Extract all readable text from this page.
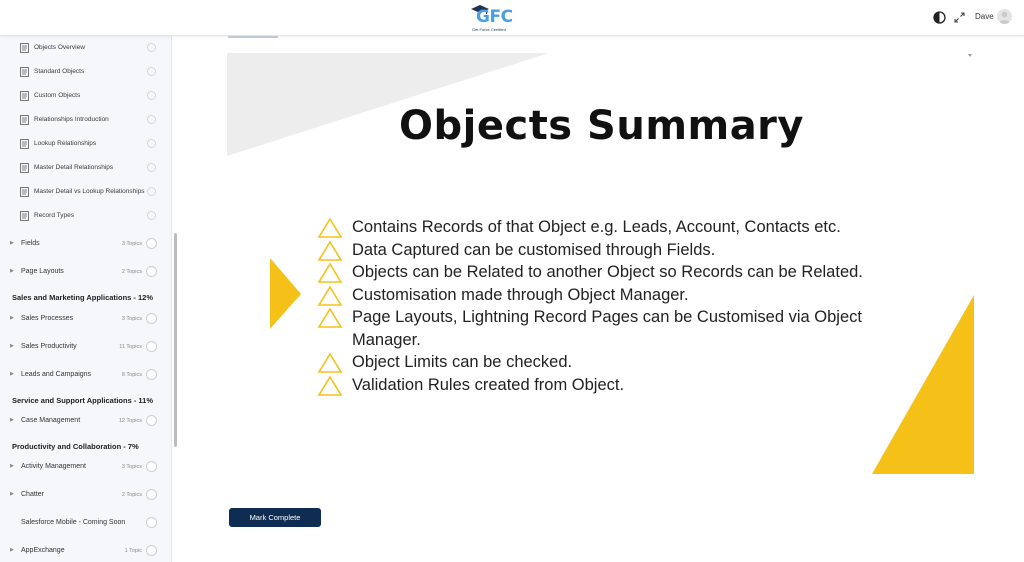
GFC
Get Force Certified
Dave
Objects Overview
Standard Objects
Custom Objects
Relationships Introduction
Lookup Relationships
Master Detail Relationships
Master Detail vs Lookup Relationships
Record Types
▶ Fields	3 Topics
▶ Page Layouts	2 Topics
Sales and Marketing Applications - 12%
▶ Sales Processes	3 Topics
▶ Sales Productivity	11 Topics
▶ Leads and Campaigns	8 Topics
Service and Support Applications - 11%
▶ Case Management	12 Topics
Productivity and Collaboration - 7%
▶ Activity Management	3 Topics
▶ Chatter	2 Topics
Salesforce Mobile - Coming Soon
▶ AppExchange	1 Topic
Objects Summary
Contains Records of that Object e.g. Leads, Account, Contacts etc.
Data Captured can be customised through Fields.
Objects can be Related to another Object so Records can be Related.
Customisation made through Object Manager.
Page Layouts, Lightning Record Pages can be Customised via Object Manager.
Object Limits can be checked.
Validation Rules created from Object.
Mark Complete
